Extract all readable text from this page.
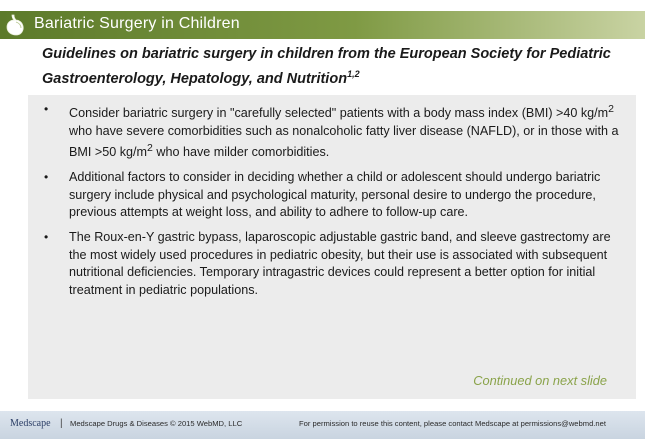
Bariatric Surgery in Children
Guidelines on bariatric surgery in children from the European Society for Pediatric Gastroenterology, Hepatology, and Nutrition$^{1,2}$
• Consider bariatric surgery in "carefully selected" patients with a body mass index (BMI) >40 $kg/m^2$ who have severe comorbidities such as nonalcoholic fatty liver disease (NAFLD), or in those with a BMI >50 $kg/m^2$ who have milder comorbidities.
• Additional factors to consider in deciding whether a child or adolescent should undergo bariatric surgery include physical and psychological maturity, personal desire to undergo the procedure, previous attempts at weight loss, and ability to adhere to follow-up care.
• The Roux-en-Y gastric bypass, laparoscopic adjustable gastric band, and sleeve gastrectomy are the most widely used procedures in pediatric obesity, but their use is associated with subsequent nutritional deficiencies. Temporary intragastric devices could represent a better option for initial treatment in pediatric populations.
Continued on next slide
Medscape | Medscape Drugs & Diseases © 2015 WebMD, LLC	For permission to reuse this content, please contact Medscape at permissions@webmd.net
